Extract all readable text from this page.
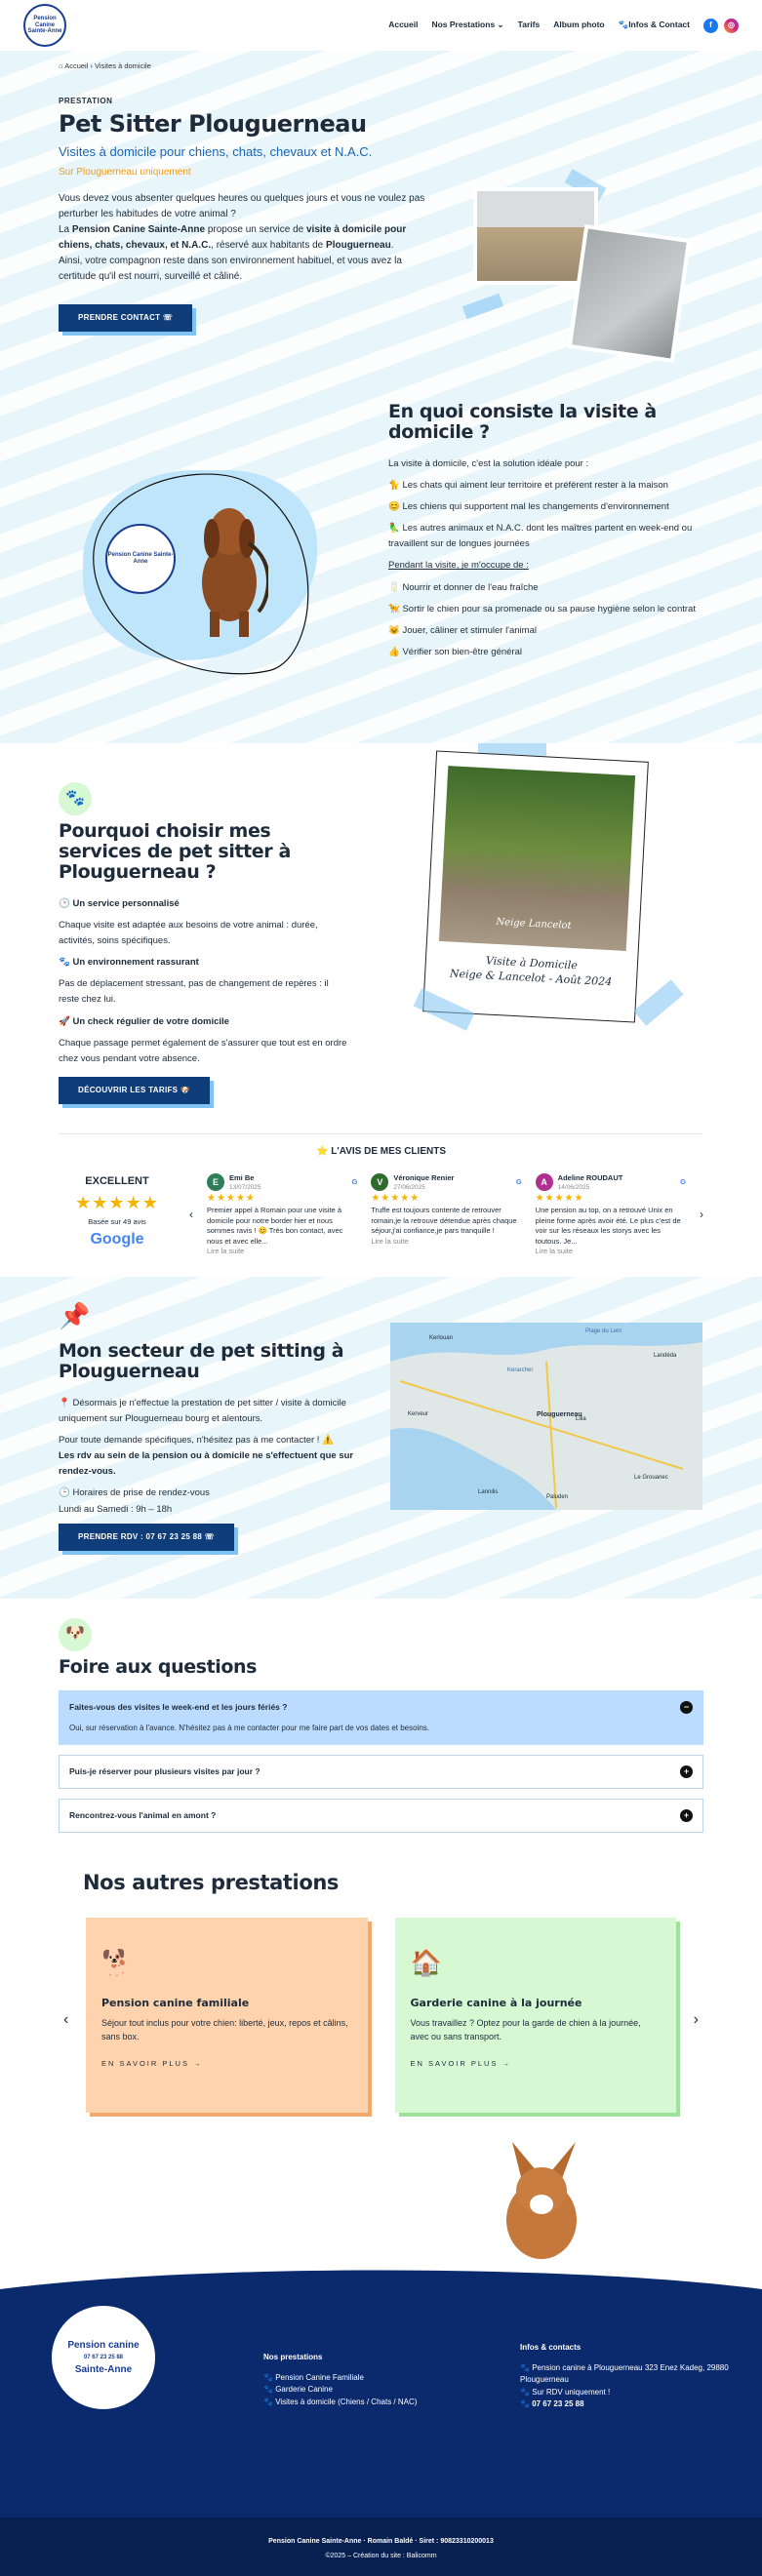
Pension Canine Sainte-Anne
Accueil Nos Prestations ⌄ Tarifs Album photo 🐾Infos & Contact	f	◎
⌂ Accueil › Visites à domicile
PRESTATION
Pet Sitter Plouguerneau
Visites à domicile pour chiens, chats, chevaux et N.A.C.
Sur Plouguerneau uniquement

Vous devez vous absenter quelques heures ou quelques jours et vous ne voulez pas perturber les habitudes de votre animal ?

La Pension Canine Sainte-Anne propose un service de visite à domicile pour chiens, chats, chevaux, et N.A.C., réservé aux habitants de Plouguerneau.

Ainsi, votre compagnon reste dans son environnement habituel, et vous avez la certitude qu'il est nourri, surveillé et câliné.

PRENDRE CONTACT ☏
Pension Canine Sainte-Anne
En quoi consiste la visite à domicile ?

La visite à domicile, c'est la solution idéale pour :

🐈 Les chats qui aiment leur territoire et préfèrent rester à la maison

😊 Les chiens qui supportent mal les changements d'environnement

🦜 Les autres animaux et N.A.C. dont les maîtres partent en week-end ou travaillent sur de longues journées

Pendant la visite, je m'occupe de :

🥛 Nourrir et donner de l'eau fraîche

🦮 Sortir le chien pour sa promenade ou sa pause hygiène selon le contrat

😺 Jouer, câliner et stimuler l'animal

👍 Vérifier son bien-être général

🐾
Pourquoi choisir mes services de pet sitter à Plouguerneau ?

🕑 Un service personnalisé

Chaque visite est adaptée aux besoins de votre animal : durée, activités, soins spécifiques.

🐾 Un environnement rassurant

Pas de déplacement stressant, pas de changement de repères : il reste chez lui.

🚀 Un check régulier de votre domicile

Chaque passage permet également de s'assurer que tout est en ordre chez vous pendant votre absence.

DÉCOUVRIR LES TARIFS 🐶
Neige Lancelot
Visite à Domicile
Neige & Lancelot - Août 2024
⭐ L'AVIS DE MES CLIENTS
EXCELLENT
★★★★★
Basée sur 49 avis
Google
‹
E	Emi Be
13/07/2025
G
★★★★★

Premier appel à Romain pour une visite à domicile pour notre border hier et nous sommes ravis ! 😊 Très bon contact, avec nous et avec elle...

Lire la suite

V	Véronique Renier
27/06/2025
G
★★★★★

Truffe est toujours contente de retrouver romain,je la retrouve détendue après chaque séjour,j'ai confiance,je pars tranquille !

Lire la suite

A	Adeline ROUDAUT
14/06/2025
G
★★★★★

Une pension au top, on a retrouvé Unix en pleine forme après avoir été. Le plus c'est de voir sur les réseaux les storys avec les toutous. Je...

Lire la suite

›
📌
Mon secteur de pet sitting à Plouguerneau

📍 Désormais je n'effectue la prestation de pet sitter / visite à domicile uniquement sur Plouguerneau bourg et alentours.

Pour toute demande spécifiques, n'hésitez pas à me contacter ! ⚠️

Les rdv au sein de la pension ou à domicile ne s'effectuent que sur rendez-vous.

🕒 Horaires de prise de rendez-vous

Lundi au Samedi : 9h – 18h

PRENDRE RDV : 07 67 23 25 88 ☏
Plouguerneau
Plage du Lern
Kerlouan
Lilia
Le Grouanec
Paluden
Kerveur
Landéda
Lannilis
Kerarcher
🐶
Foire aux questions
Faites-vous des visites le week-end et les jours fériés ?	−

Oui, sur réservation à l'avance. N'hésitez pas à me contacter pour me faire part de vos dates et besoins.

Puis-je réserver pour plusieurs visites par jour ?	+
Rencontrez-vous l'animal en amont ?	+
Nos autres prestations
‹	›
🐕
Pension canine familiale

Séjour tout inclus pour votre chien: liberté, jeux, repos et câlins, sans box.

EN SAVOIR PLUS →

🏠
Garderie canine à la journée

Vous travaillez ? Optez pour la garde de chien à la journée, avec ou sans transport.

EN SAVOIR PLUS →

Pension canine
07 67 23 25 88
Sainte-Anne
Nos prestations
🐾 Pension Canine Familiale
🐾 Garderie Canine
🐾 Visites à domicile (Chiens / Chats / NAC)
Infos & contacts
🐾 Pension canine à Plouguerneau 323 Enez Kadeg, 29880 Plouguerneau
🐾 Sur RDV uniquement !
🐾 07 67 23 25 88
Pension Canine Sainte-Anne · Romain Baldé · Siret : 90823310200013
©2025 – Création du site : Balicomm
